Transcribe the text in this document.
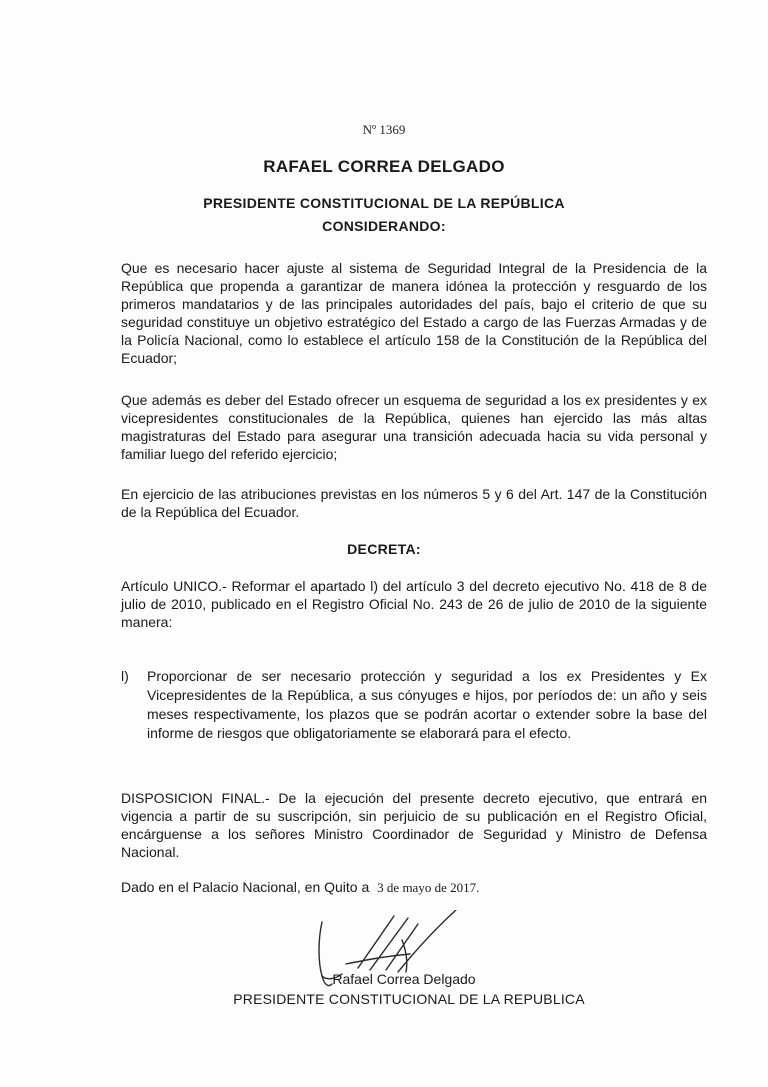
Nº 1369
RAFAEL CORREA DELGADO
PRESIDENTE CONSTITUCIONAL DE LA REPÚBLICA
CONSIDERANDO:
Que es necesario hacer ajuste al sistema de Seguridad Integral de la Presidencia de la República que propenda a garantizar de manera idónea la protección y resguardo de los primeros mandatarios y de las principales autoridades del país, bajo el criterio de que su seguridad constituye un objetivo estratégico del Estado a cargo de las Fuerzas Armadas y de la Policía Nacional, como lo establece el artículo 158 de la Constitución de la República del Ecuador;
Que además es deber del Estado ofrecer un esquema de seguridad a los ex presidentes y ex vicepresidentes constitucionales de la República, quienes han ejercido las más altas magistraturas del Estado para asegurar una transición adecuada hacia su vida personal y familiar luego del referido ejercicio;
En ejercicio de las atribuciones previstas en los números 5 y 6 del Art. 147 de la Constitución de la República del Ecuador.
DECRETA:
Artículo UNICO.- Reformar el apartado l) del artículo 3 del decreto ejecutivo No. 418 de 8 de julio de 2010, publicado en el Registro Oficial No. 243 de 26 de julio de 2010 de la siguiente manera:
l) Proporcionar de ser necesario protección y seguridad a los ex Presidentes y Ex Vicepresidentes de la República, a sus cónyuges e hijos, por períodos de: un año y seis meses respectivamente, los plazos que se podrán acortar o extender sobre la base del informe de riesgos que obligatoriamente se elaborará para el efecto.
DISPOSICION FINAL.- De la ejecución del presente decreto ejecutivo, que entrará en vigencia a partir de su suscripción, sin perjuicio de su publicación en el Registro Oficial, encárguense a los señores Ministro Coordinador de Seguridad y Ministro de Defensa Nacional.
Dado en el Palacio Nacional, en Quito a 3 de mayo de 2017.
Rafael Correa Delgado
PRESIDENTE CONSTITUCIONAL DE LA REPUBLICA
